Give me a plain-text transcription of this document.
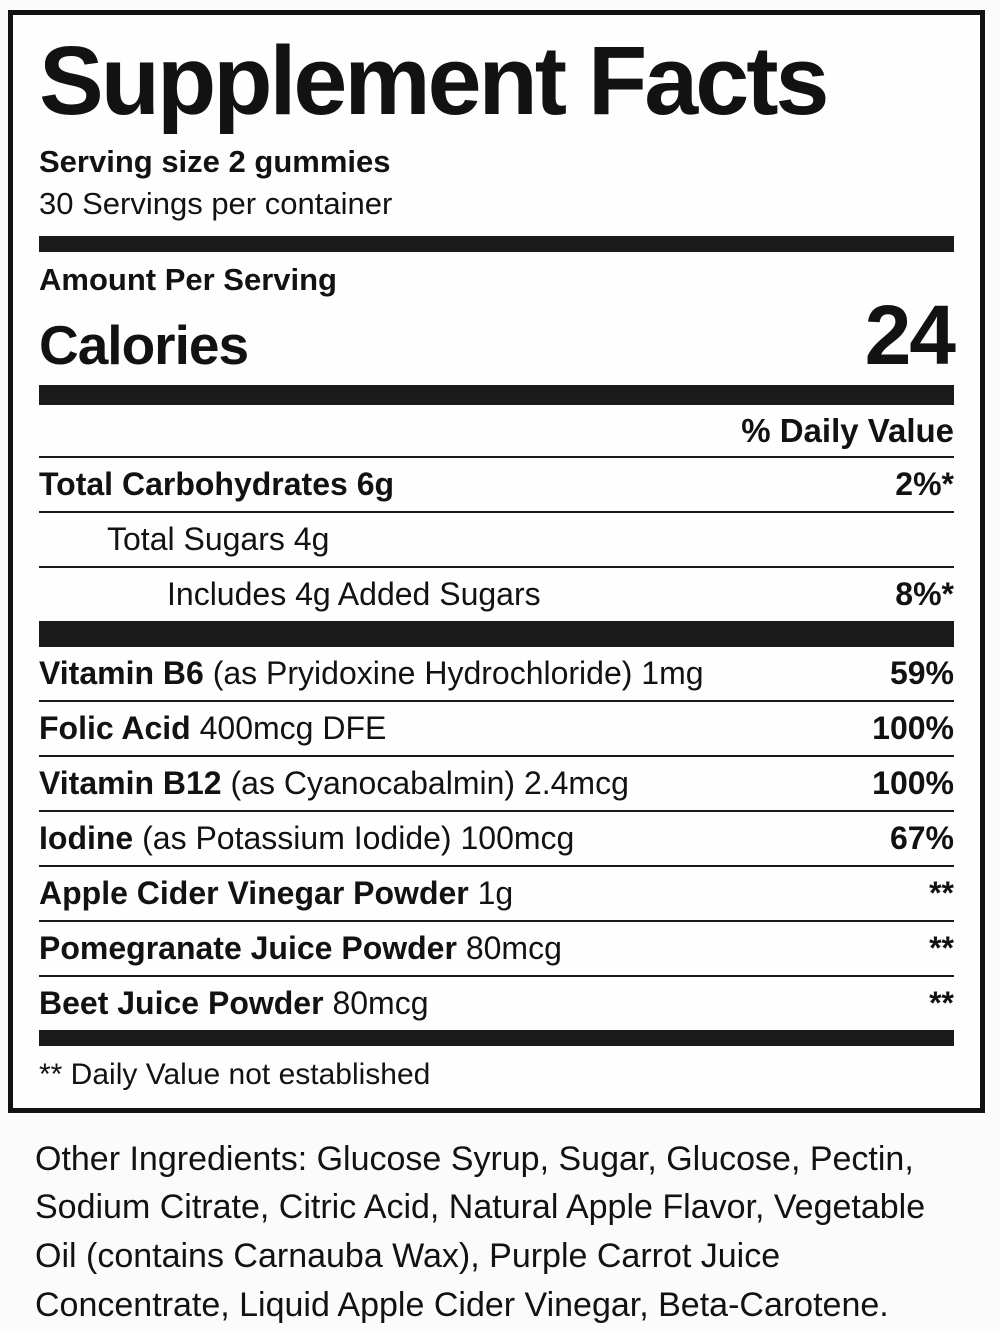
Supplement Facts
Serving size 2 gummies
30 Servings per container
Amount Per Serving
Calories	24
% Daily Value
Total Carbohydrates 6g	2%*
Total Sugars 4g
Includes 4g Added Sugars	8%*
Vitamin B6 (as Pryidoxine Hydrochloride) 1mg	59%
Folic Acid 400mcg DFE	100%
Vitamin B12 (as Cyanocabalmin) 2.4mcg	100%
Iodine (as Potassium Iodide) 100mcg	67%
Apple Cider Vinegar Powder 1g	**
Pomegranate Juice Powder 80mcg	**
Beet Juice Powder 80mcg	**
** Daily Value not established

Other Ingredients: Glucose Syrup, Sugar, Glucose, Pectin, Sodium Citrate, Citric Acid, Natural Apple Flavor, Vegetable Oil (contains Carnauba Wax), Purple Carrot Juice Concentrate, Liquid Apple Cider Vinegar, Beta-Carotene.
